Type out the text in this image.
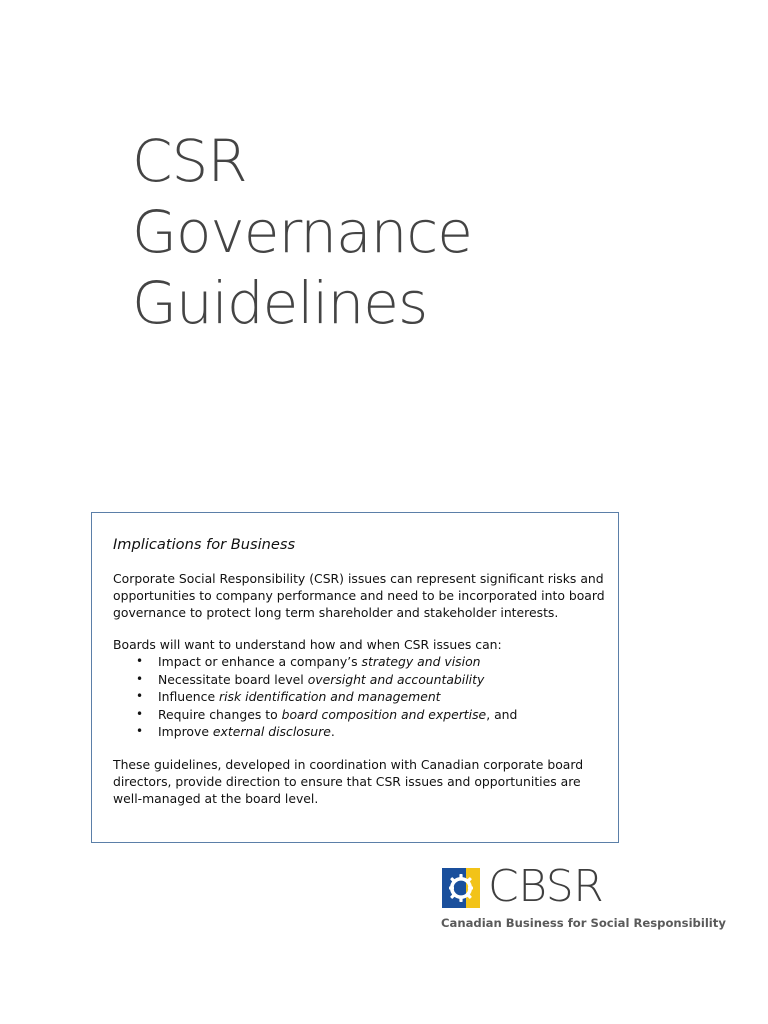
CSR
Governance
Guidelines
Implications for Business

Corporate Social Responsibility (CSR) issues can represent significant risks and opportunities to company performance and need to be incorporated into board governance to protect long term shareholder and stakeholder interests.

Boards will want to understand how and when CSR issues can:

• Impact or enhance a company’s strategy and vision
• Necessitate board level oversight and accountability
• Influence risk identification and management
• Require changes to board composition and expertise, and
• Improve external disclosure.

These guidelines, developed in coordination with Canadian corporate board directors, provide direction to ensure that CSR issues and opportunities are well-managed at the board level.

CBSR
Canadian Business for Social Responsibility
